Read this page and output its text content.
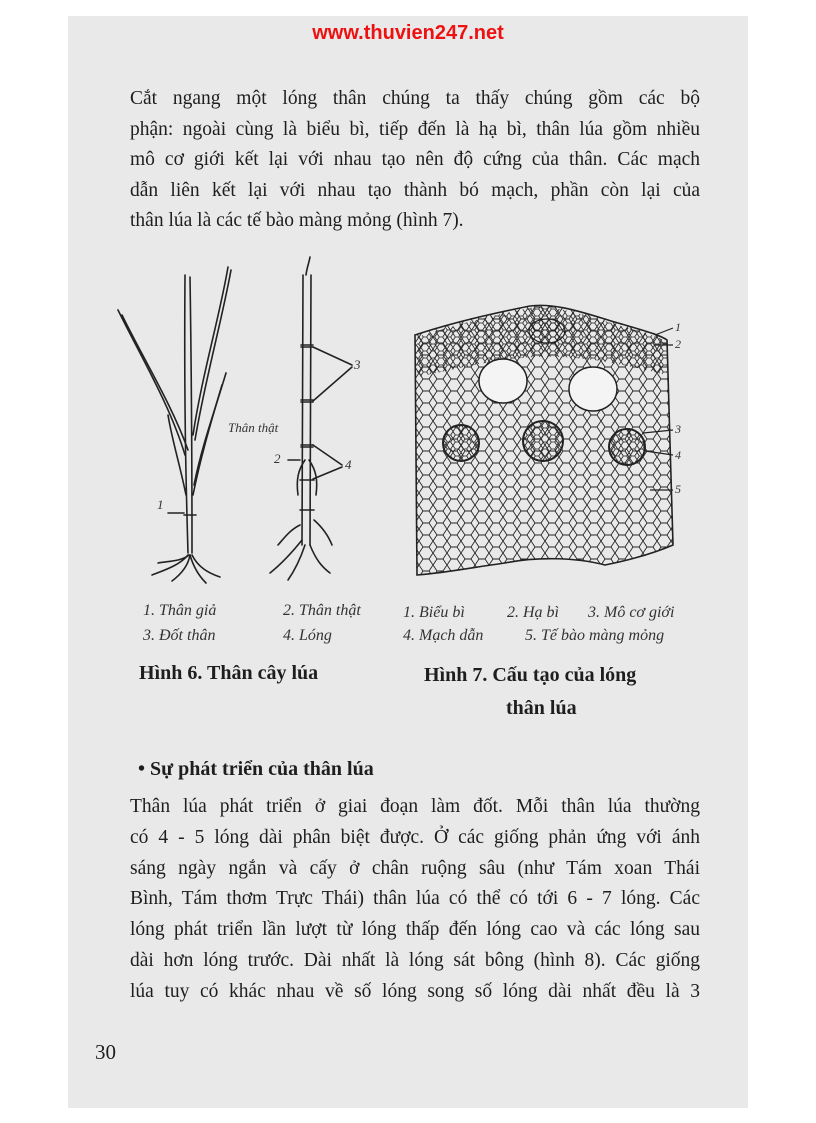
www.thuvien247.net
Cắt ngang một lóng thân chúng ta thấy chúng gồm các bộ
phận: ngoài cùng là biểu bì, tiếp đến là hạ bì, thân lúa gồm nhiều
mô cơ giới kết lại với nhau tạo nên độ cứng của thân. Các mạch
dẫn liên kết lại với nhau tạo thành bó mạch, phần còn lại của
thân lúa là các tế bào màng mỏng (hình 7).
1
2
3
4
Thân thật
1
2
3
4
5
1. Thân giả	2. Thân thật
3. Đốt thân	4. Lóng
1. Biểu bì	2. Hạ bì 3. Mô cơ giới
4. Mạch dẫn	5. Tế bào màng mỏng
Hình 6. Thân cây lúa	Hình 7. Cấu tạo của lóng
thân lúa
• Sự phát triển của thân lúa
Thân lúa phát triển ở giai đoạn làm đốt. Mỗi thân lúa thường
có 4 - 5 lóng dài phân biệt được. Ở các giống phản ứng với ánh
sáng ngày ngắn và cấy ở chân ruộng sâu (như Tám xoan Thái
Bình, Tám thơm Trực Thái) thân lúa có thể có tới 6 - 7 lóng. Các
lóng phát triển lần lượt từ lóng thấp đến lóng cao và các lóng sau
dài hơn lóng trước. Dài nhất là lóng sát bông (hình 8). Các giống
lúa tuy có khác nhau về số lóng song số lóng dài nhất đều là 3
30
